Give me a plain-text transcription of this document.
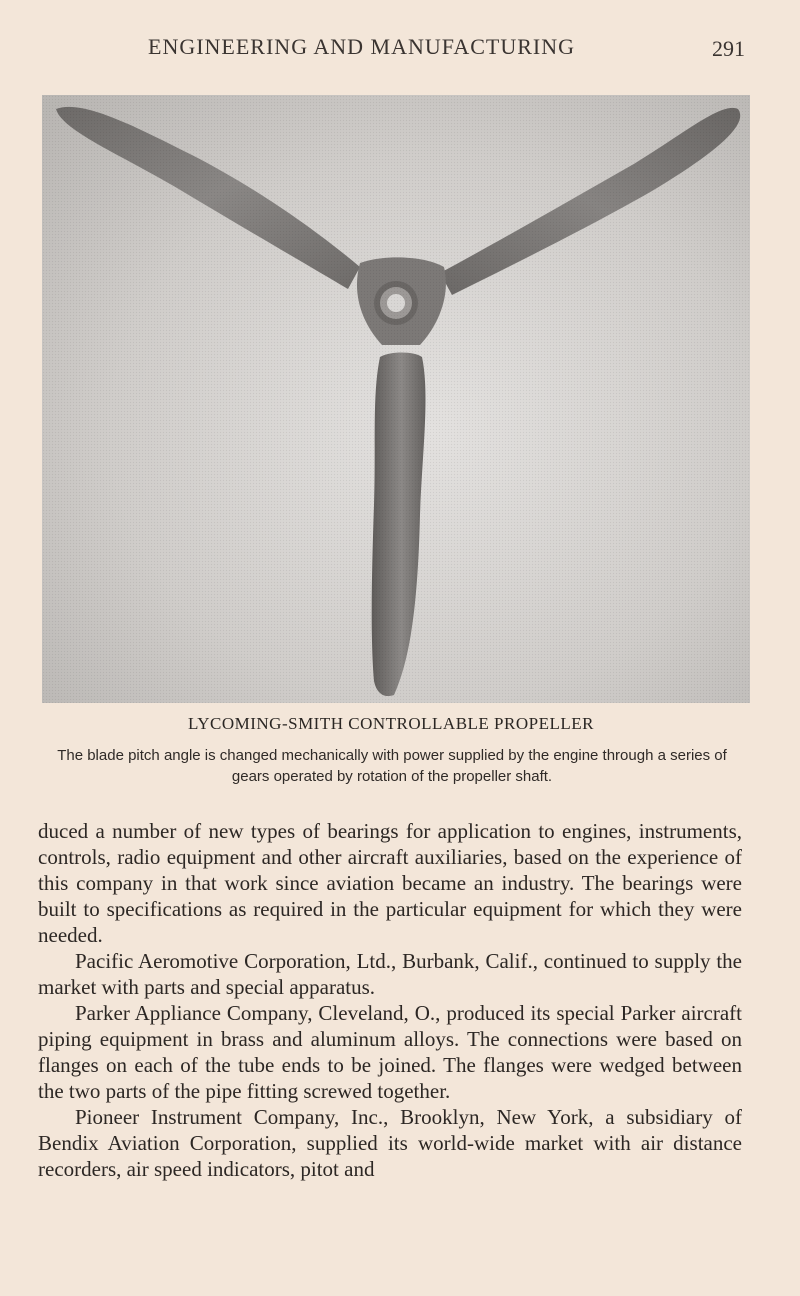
ENGINEERING AND MANUFACTURING	291
LYCOMING-SMITH CONTROLLABLE PROPELLER
The blade pitch angle is changed mechanically with power supplied by the engine through a series of gears operated by rotation of the propeller shaft.

duced a number of new types of bearings for application to engines, instruments, controls, radio equipment and other aircraft auxiliaries, based on the experience of this company in that work since aviation became an industry. The bearings were built to specifications as required in the particular equipment for which they were needed.

Pacific Aeromotive Corporation, Ltd., Burbank, Calif., continued to supply the market with parts and special apparatus.

Parker Appliance Company, Cleveland, O., produced its special Parker aircraft piping equipment in brass and aluminum alloys. The connections were based on flanges on each of the tube ends to be joined. The flanges were wedged between the two parts of the pipe fitting screwed together.

Pioneer Instrument Company, Inc., Brooklyn, New York, a subsidiary of Bendix Aviation Corporation, supplied its world-wide market with air distance recorders, air speed indicators, pitot and
